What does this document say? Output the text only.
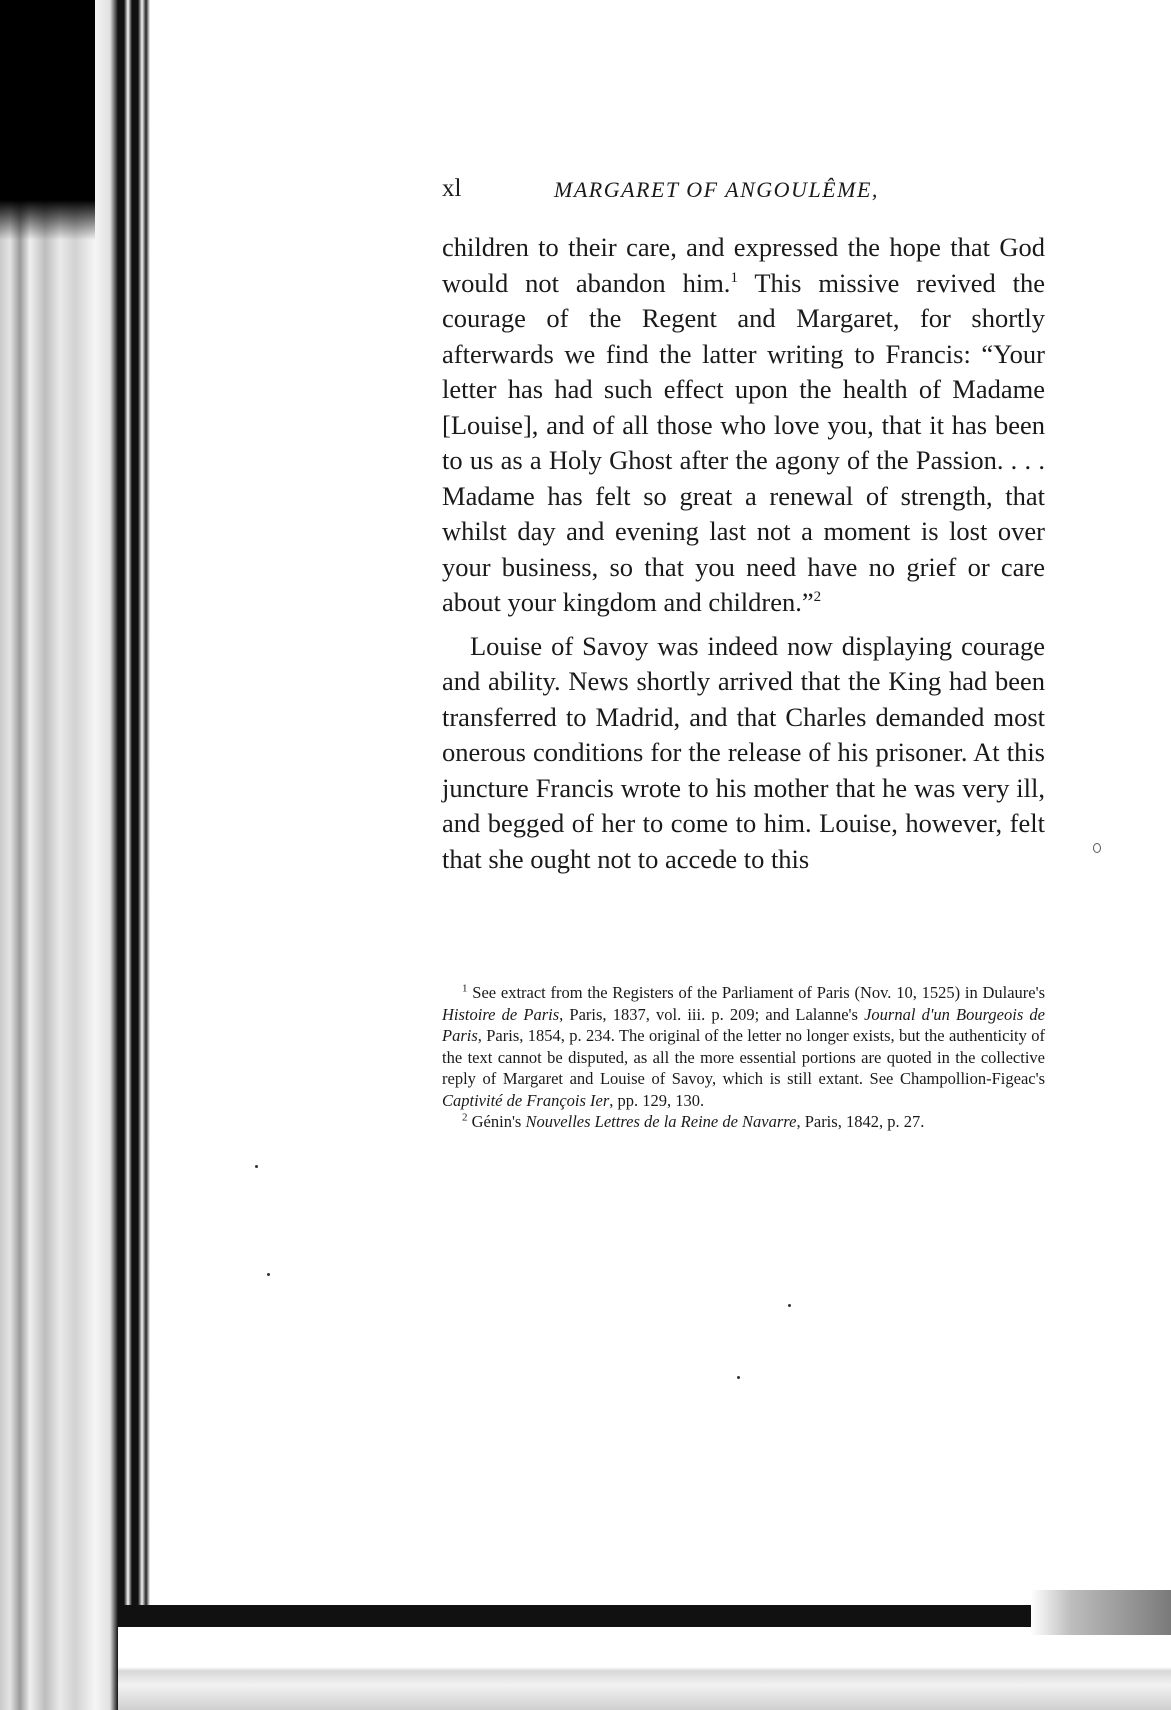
xl	MARGARET OF ANGOULÊME,

children to their care, and expressed the hope that God would not abandon him.$^1$ This missive revived the courage of the Regent and Margaret, for shortly afterwards we find the latter writing to Francis: “Your letter has had such effect upon the health of Madame [Louise], and of all those who love you, that it has been to us as a Holy Ghost after the agony of the Passion. . . . Madame has felt so great a renewal of strength, that whilst day and evening last not a moment is lost over your business, so that you need have no grief or care about your kingdom and children.”$^2$

Louise of Savoy was indeed now displaying courage and ability. News shortly arrived that the King had been transferred to Madrid, and that Charles demanded most onerous conditions for the release of his prisoner. At this juncture Francis wrote to his mother that he was very ill, and begged of her to come to him. Louise, however, felt that she ought not to accede to this

$^1$ See extract from the Registers of the Parliament of Paris (Nov. 10, 1525) in Dulaure's Histoire de Paris, Paris, 1837, vol. iii. p. 209; and Lalanne's Journal d'un Bourgeois de Paris, Paris, 1854, p. 234. The original of the letter no longer exists, but the authenticity of the text cannot be disputed, as all the more essential portions are quoted in the collective reply of Margaret and Louise of Savoy, which is still extant. See Champollion-Figeac's Captivité de François Ier, pp. 129, 130.

$^2$ Génin's Nouvelles Lettres de la Reine de Navarre, Paris, 1842, p. 27.
